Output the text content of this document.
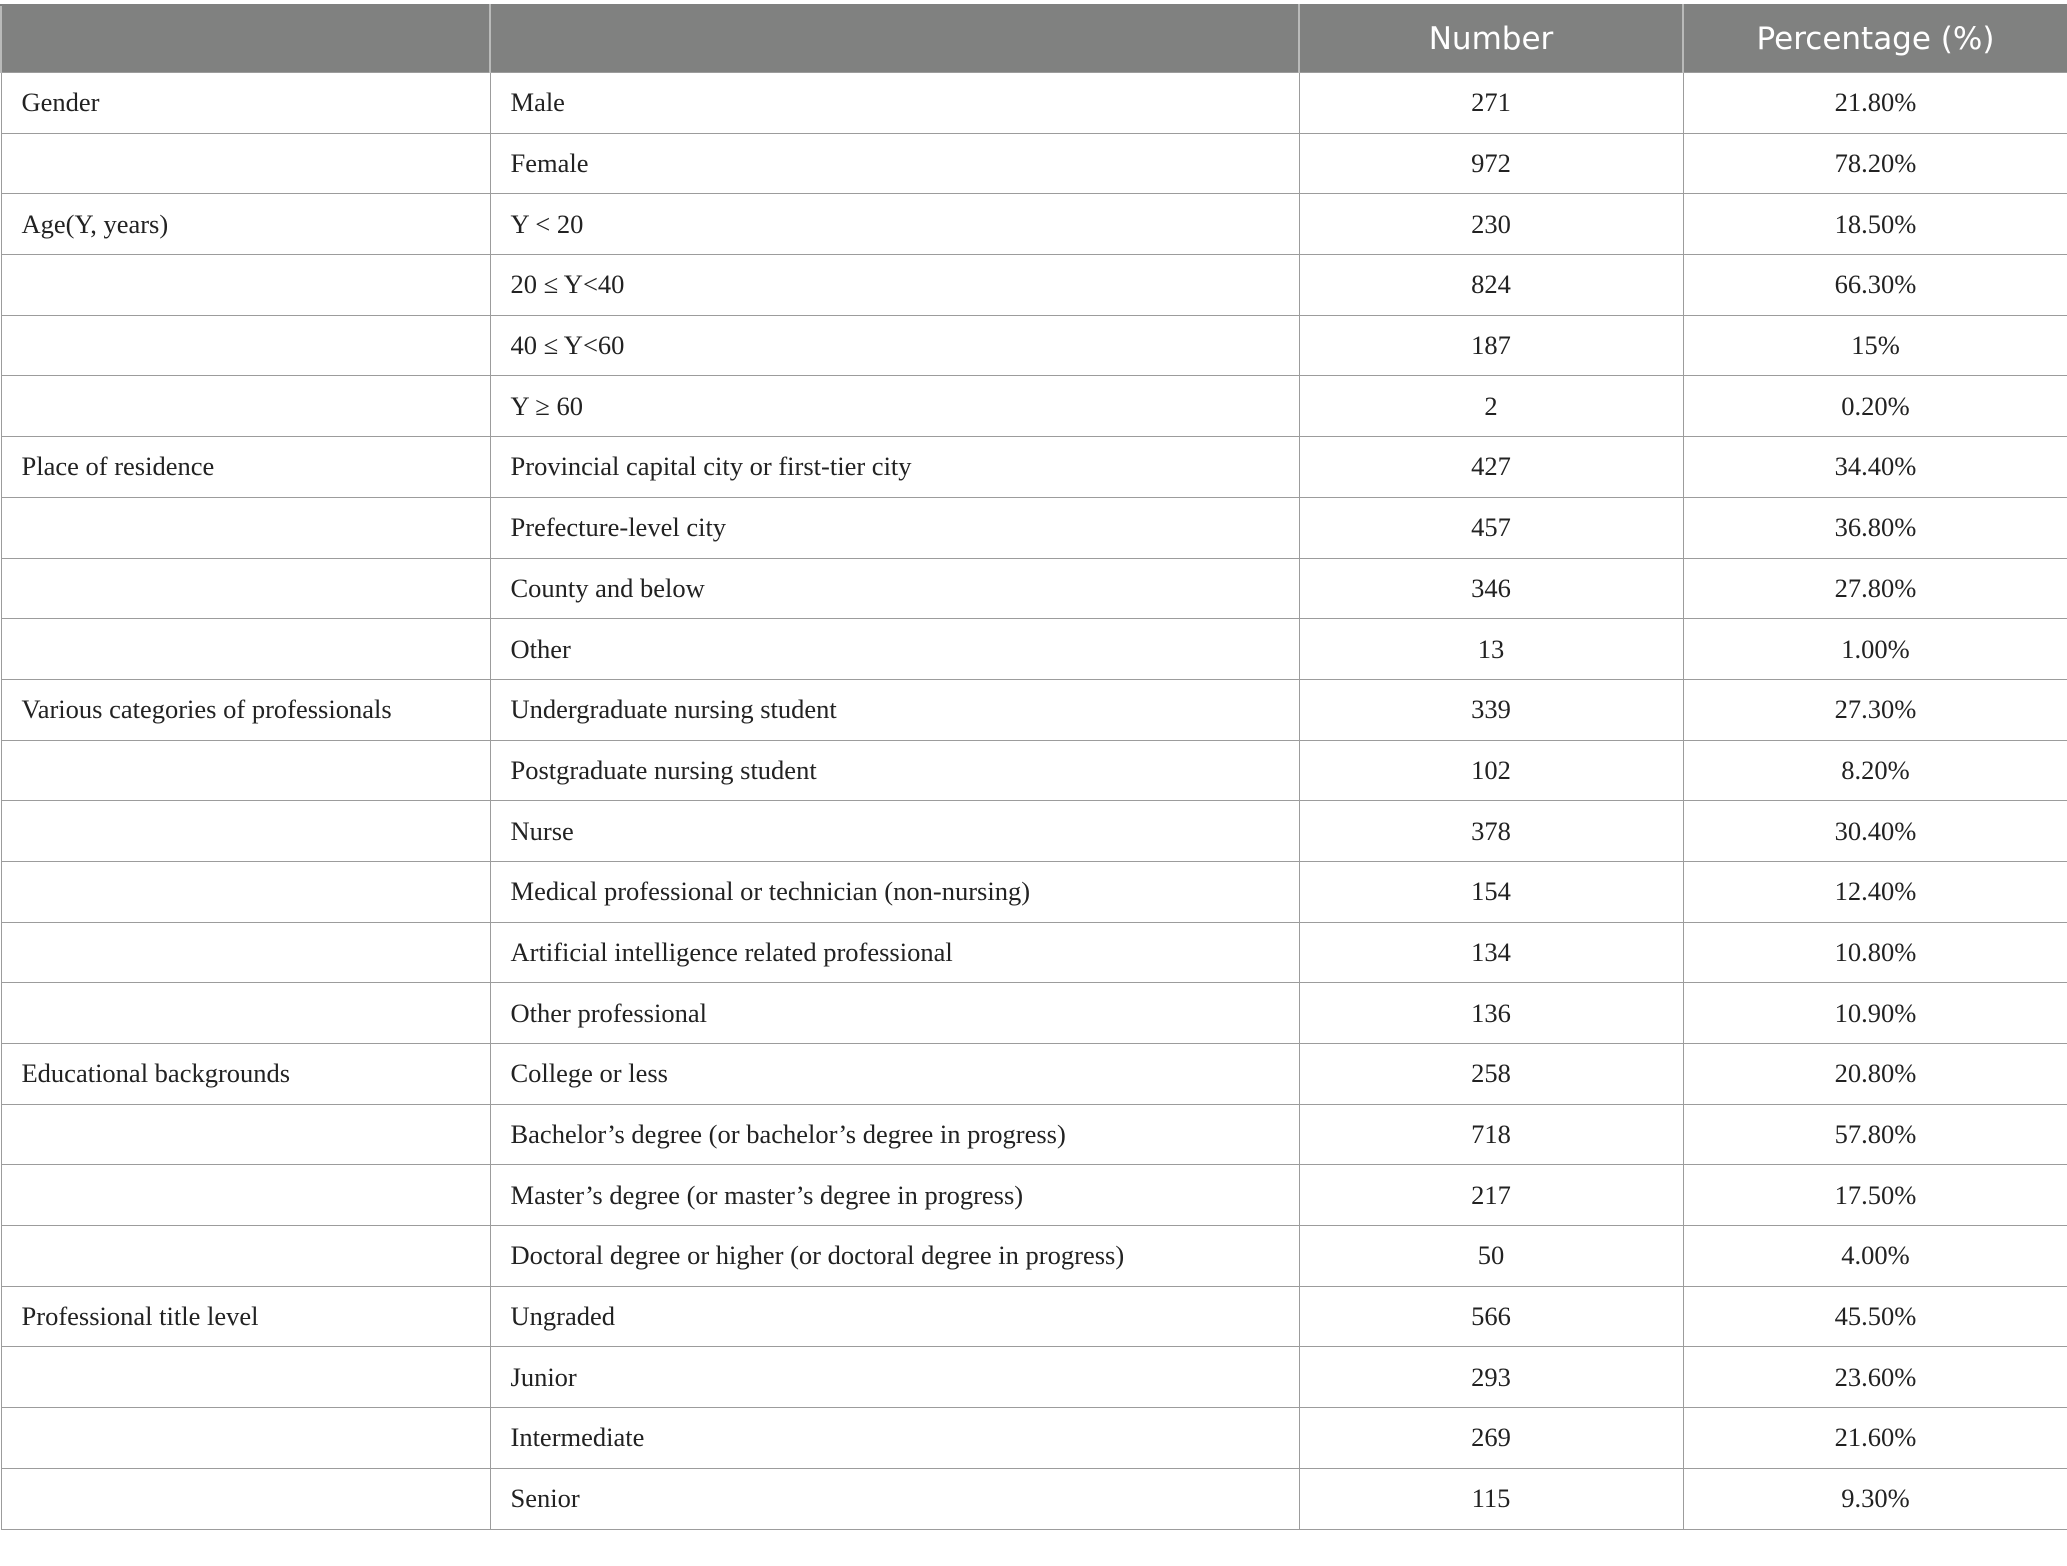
		Number	Percentage (%)
Gender	Male	271	21.80%
	Female	972	78.20%
Age(Y, years)	Y < 20	230	18.50%
	20 ≤ Y<40	824	66.30%
	40 ≤ Y<60	187	15%
	Y ≥ 60	2	0.20%
Place of residence	Provincial capital city or first-tier city	427	34.40%
	Prefecture-level city	457	36.80%
	County and below	346	27.80%
	Other	13	1.00%
Various categories of professionals	Undergraduate nursing student	339	27.30%
	Postgraduate nursing student	102	8.20%
	Nurse	378	30.40%
	Medical professional or technician (non-nursing)	154	12.40%
	Artificial intelligence related professional	134	10.80%
	Other professional	136	10.90%
Educational backgrounds	College or less	258	20.80%
	Bachelor’s degree (or bachelor’s degree in progress)	718	57.80%
	Master’s degree (or master’s degree in progress)	217	17.50%
	Doctoral degree or higher (or doctoral degree in progress)	50	4.00%
Professional title level	Ungraded	566	45.50%
	Junior	293	23.60%
	Intermediate	269	21.60%
	Senior	115	9.30%
